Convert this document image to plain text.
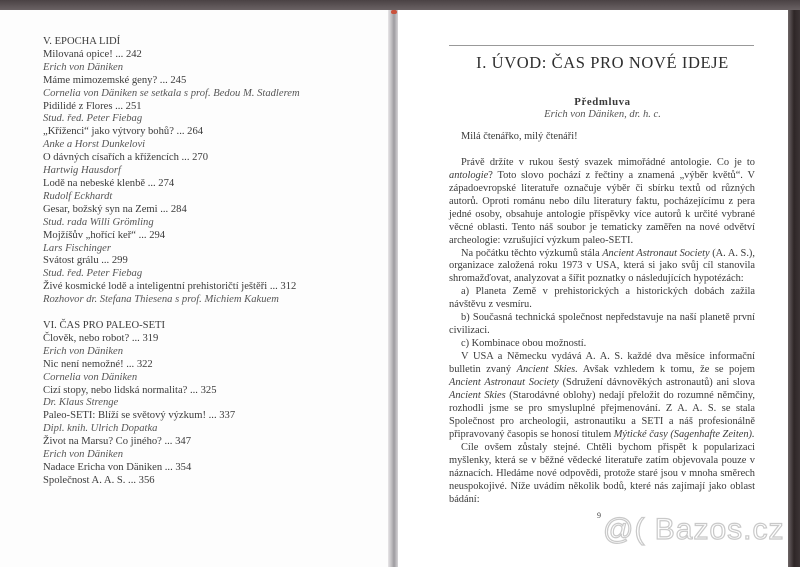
V. EPOCHA LIDÍ
Milovaná opice! ... 242
Erich von Däniken
Máme mimozemské geny? ... 245
Cornelia von Däniken se setkala s prof. Bedou M. Stadlerem
Pidilidé z Flores ... 251
Stud. řed. Peter Fiebag
„Kříženci“ jako výtvory bohů? ... 264
Anke a Horst Dunkelovi
O dávných císařích a křížencích ... 270
Hartwig Hausdorf
Lodě na nebeské klenbě ... 274
Rudolf Eckhardt
Gesar, božský syn na Zemi ... 284
Stud. rada Willi Grömling
Mojžíšův „hořící keř“ ... 294
Lars Fischinger
Svátost grálu ... 299
Stud. řed. Peter Fiebag
Živé kosmické lodě a inteligentní prehistoričtí ještěři ... 312
Rozhovor dr. Stefana Thiesena s prof. Michiem Kakuem
VI. ČAS PRO PALEO-SETI
Člověk, nebo robot? ... 319
Erich von Däniken
Nic není nemožné! ... 322
Cornelia von Däniken
Cizí stopy, nebo lidská normalita? ... 325
Dr. Klaus Strenge
Paleo-SETI: Blíží se světový výzkum! ... 337
Dipl. knih. Ulrich Dopatka
Život na Marsu? Co jiného? ... 347
Erich von Däniken
Nadace Ericha von Däniken ... 354
Společnost A. A. S. ... 356
I. ÚVOD: ČAS PRO NOVÉ IDEJE
Předmluva
Erich von Däniken, dr. h. c.

Milá čtenářko, milý čtenáři!

Právě držíte v rukou šestý svazek mimořádné antologie. Co je to antologie? Toto slovo pochází z řečtiny a znamená „výběr květů“. V západoevropské literatuře označuje výběr či sbírku textů od různých autorů. Oproti románu nebo dílu literatury faktu, pocházejícímu z pera jedné osoby, obsahuje antologie příspěvky více autorů k určité vybrané věcné oblasti. Tento náš soubor je tematicky zaměřen na nové odvětví archeologie: vzrušující výzkum paleo-SETI.

Na počátku těchto výzkumů stála Ancient Astronaut Society (A. A. S.), organizace založená roku 1973 v USA, která si jako svůj cíl stanovila shromažďovat, analyzovat a šířit poznatky o následujících hypotézách:

a) Planeta Země v prehistorických a historických dobách zažila návštěvu z vesmíru.

b) Současná technická společnost nepředstavuje na naší planetě první civilizaci.

c) Kombinace obou možností.

V USA a Německu vydává A. A. S. každé dva měsíce informační bulletin zvaný Ancient Skies. Avšak vzhledem k tomu, že se pojem Ancient Astronaut Society (Sdružení dávnověkých astronautů) ani slova Ancient Skies (Starodávné oblohy) nedají přeložit do rozumné němčiny, rozhodli jsme se pro smysluplné přejmenování. Z A. A. S. se stala Společnost pro archeologii, astronautiku a SETI a náš profesionálně připravovaný časopis se honosí titulem Mýtické časy (Sagenhafte Zeiten).

Cíle ovšem zůstaly stejné. Chtěli bychom přispět k popularizaci myšlenky, která se v běžné vědecké literatuře zatím objevovala pouze v náznacích. Hledáme nové odpovědi, protože staré jsou v mnoha směrech neuspokojivé. Níže uvádím několik bodů, které nás zajímají jako oblast bádání:

9 @( Bazos.cz
